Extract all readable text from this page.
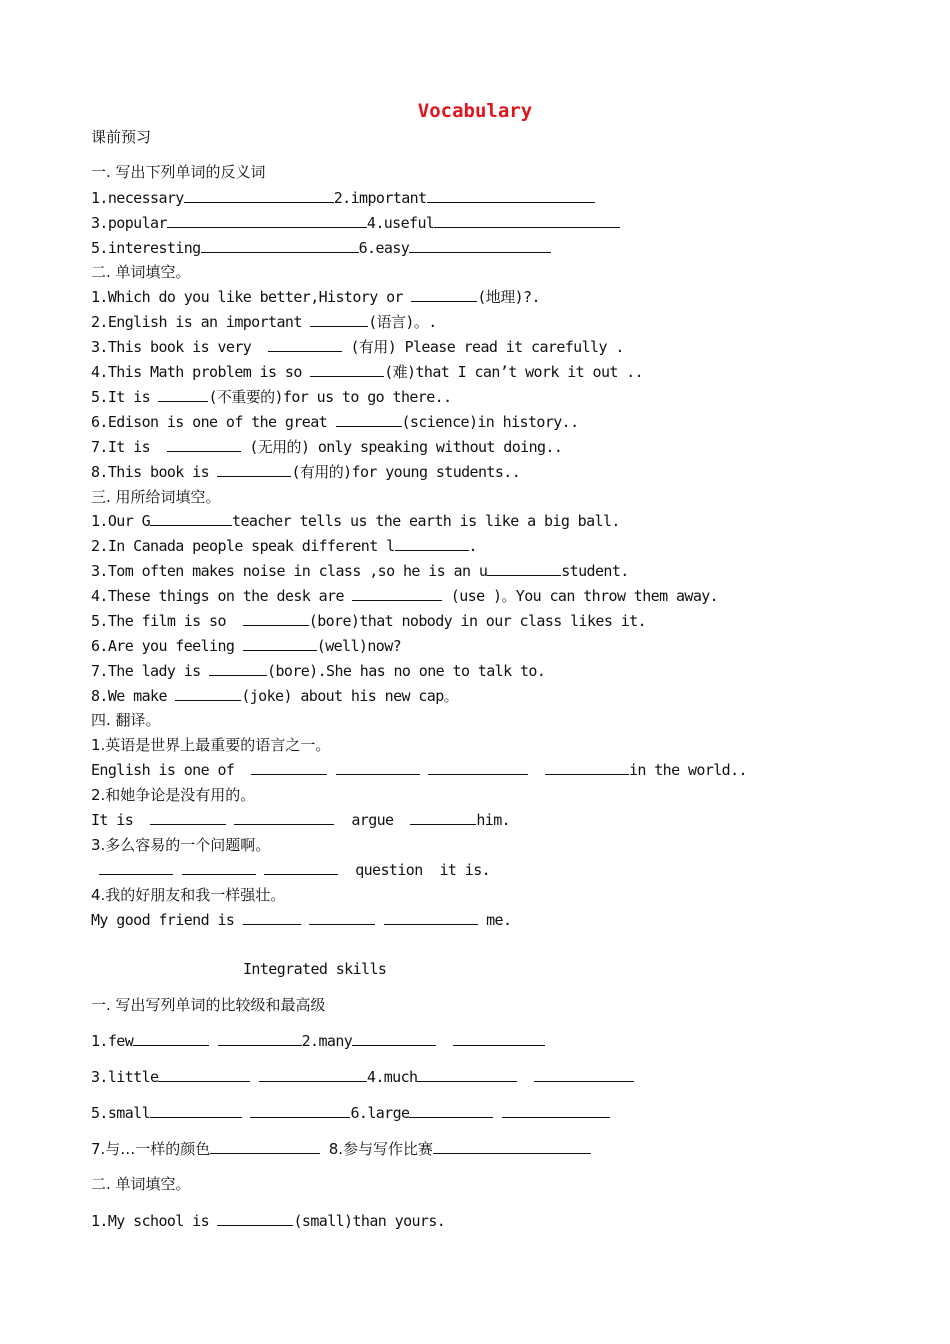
Vocabulary
课前预习
一. 写出下列单词的反义词
1.necessary	2.important
3.popular	4.useful
5.interesting	6.easy
二. 单词填空。
1.Which do you like better,History or	(地理)?.
2.English is an important	(语言)。.
3.This book is very	(有用) Please read it carefully .
4.This Math problem is so	(难)that I can’t work it out ..
5.It is	(不重要的)for us to go there..
6.Edison is one of the great	(science)in history..
7.It is	(无用的) only speaking without doing..
8.This book is	(有用的)for young students..
三. 用所给词填空。
1.Our G	teacher tells us the earth is like a big ball.
2.In Canada people speak different l	.
3.Tom often makes noise in class ,so he is an u	student.
4.These things on the desk are	(use )。You can throw them away.
5.The film is so	(bore)that nobody in our class likes it.
6.Are you feeling	(well)now?
7.The lady is	(bore).She has no one to talk to.
8.We make	(joke) about his new cap。
四. 翻译。
1.英语是世界上最重要的语言之一。
English is one of	in the world..
2.和她争论是没有用的。
It is	argue	him.
3.多么容易的一个问题啊。
question  it is.
4.我的好朋友和我一样强壮。
My good friend is	me.
Integrated skills
一. 写出写列单词的比较级和最高级
1.few	2.many
3.little	4.much
5.small	6.large
7.与…一样的颜色	8.参与写作比赛
二. 单词填空。
1.My school is	(small)than yours.
